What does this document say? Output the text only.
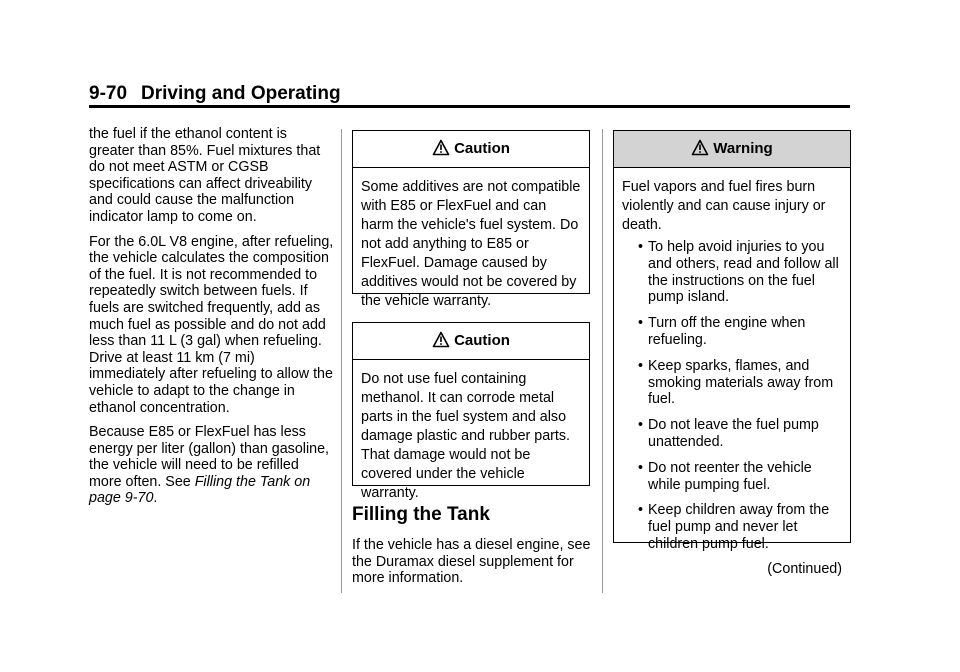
9-70 Driving and Operating

the fuel if the ethanol content is greater than 85%. Fuel mixtures that do not meet ASTM or CGSB specifications can affect driveability and could cause the malfunction indicator lamp to come on.

For the 6.0L V8 engine, after refueling, the vehicle calculates the composition of the fuel. It is not recommended to repeatedly switch between fuels. If fuels are switched frequently, add as much fuel as possible and do not add less than 11 L (3 gal) when refueling. Drive at least 11 km (7 mi) immediately after refueling to allow the vehicle to adapt to the change in ethanol concentration.

Because E85 or FlexFuel has less energy per liter (gallon) than gasoline, the vehicle will need to be refilled more often. See Filling the Tank on page 9-70.

Caution
Some additives are not compatible with E85 or FlexFuel and can harm the vehicle's fuel system. Do not add anything to E85 or FlexFuel. Damage caused by additives would not be covered by the vehicle warranty.
Caution
Do not use fuel containing methanol. It can corrode metal parts in the fuel system and also damage plastic and rubber parts. That damage would not be covered under the vehicle warranty.
Filling the Tank
If the vehicle has a diesel engine, see the Duramax diesel supplement for more information.
Warning
Fuel vapors and fuel fires burn violently and can cause injury or death.
• To help avoid injuries to you and others, read and follow all the instructions on the fuel pump island.
• Turn off the engine when refueling.
• Keep sparks, flames, and smoking materials away from fuel.
• Do not leave the fuel pump unattended.
• Do not reenter the vehicle while pumping fuel.
• Keep children away from the fuel pump and never let children pump fuel.
(Continued)
